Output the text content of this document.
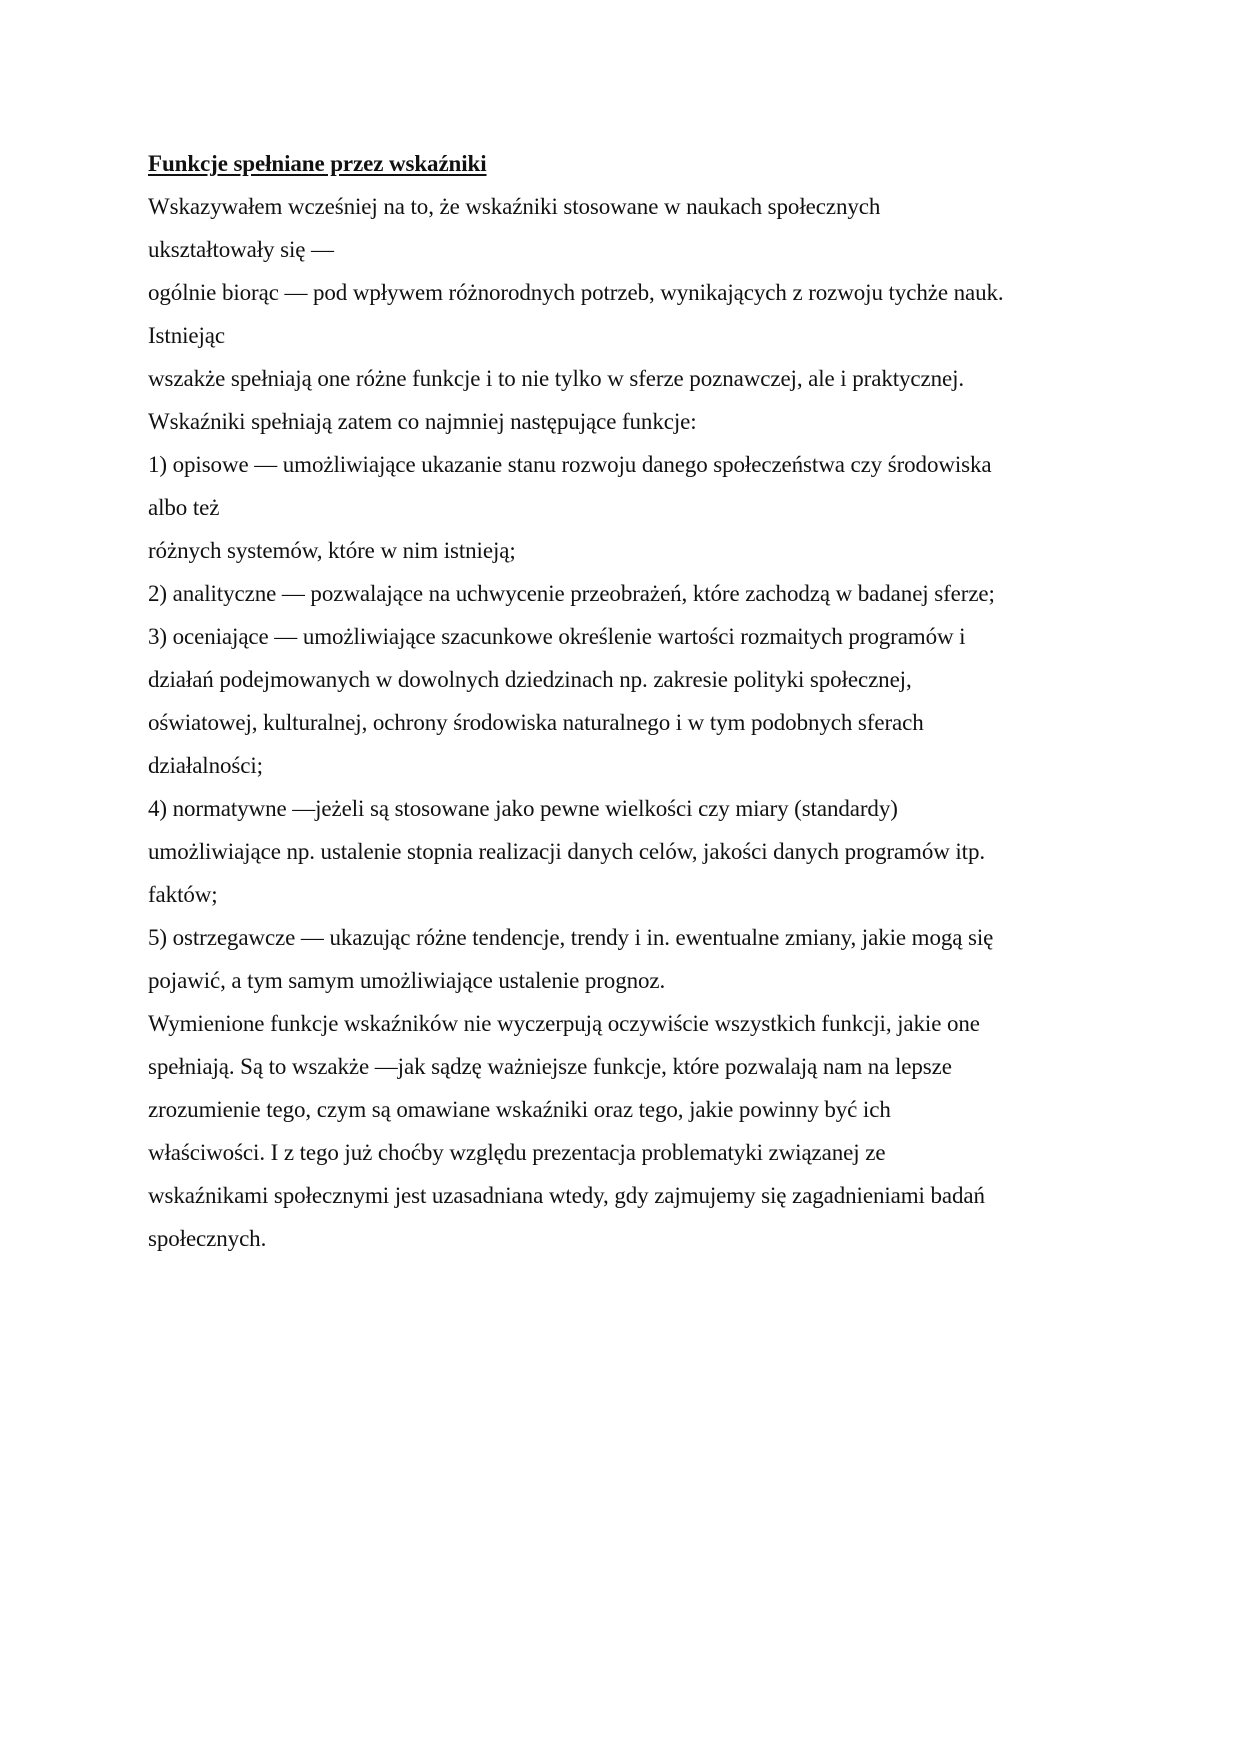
Funkcje spełniane przez wskaźniki
Wskazywałem wcześniej na to, że wskaźniki stosowane w naukach społecznych
ukształtowały się —
ogólnie biorąc — pod wpływem różnorodnych potrzeb, wynikających z rozwoju tychże nauk.
Istniejąc
wszakże spełniają one różne funkcje i to nie tylko w sferze poznawczej, ale i praktycznej.
Wskaźniki spełniają zatem co najmniej następujące funkcje:
1) opisowe — umożliwiające ukazanie stanu rozwoju danego społeczeństwa czy środowiska
albo też
różnych systemów, które w nim istnieją;
2) analityczne — pozwalające na uchwycenie przeobrażeń, które zachodzą w badanej sferze;
3) oceniające — umożliwiające szacunkowe określenie wartości rozmaitych programów i
działań podejmowanych w dowolnych dziedzinach np. zakresie polityki społecznej,
oświatowej, kulturalnej, ochrony środowiska naturalnego i w tym podobnych sferach
działalności;
4) normatywne —jeżeli są stosowane jako pewne wielkości czy miary (standardy)
umożliwiające np. ustalenie stopnia realizacji danych celów, jakości danych programów itp.
faktów;
5) ostrzegawcze — ukazując różne tendencje, trendy i in. ewentualne zmiany, jakie mogą się
pojawić, a tym samym umożliwiające ustalenie prognoz.
Wymienione funkcje wskaźników nie wyczerpują oczywiście wszystkich funkcji, jakie one
spełniają. Są to wszakże —jak sądzę ważniejsze funkcje, które pozwalają nam na lepsze
zrozumienie tego, czym są omawiane wskaźniki oraz tego, jakie powinny być ich
właściwości. I z tego już choćby względu prezentacja problematyki związanej ze
wskaźnikami społecznymi jest uzasadniana wtedy, gdy zajmujemy się zagadnieniami badań
społecznych.
